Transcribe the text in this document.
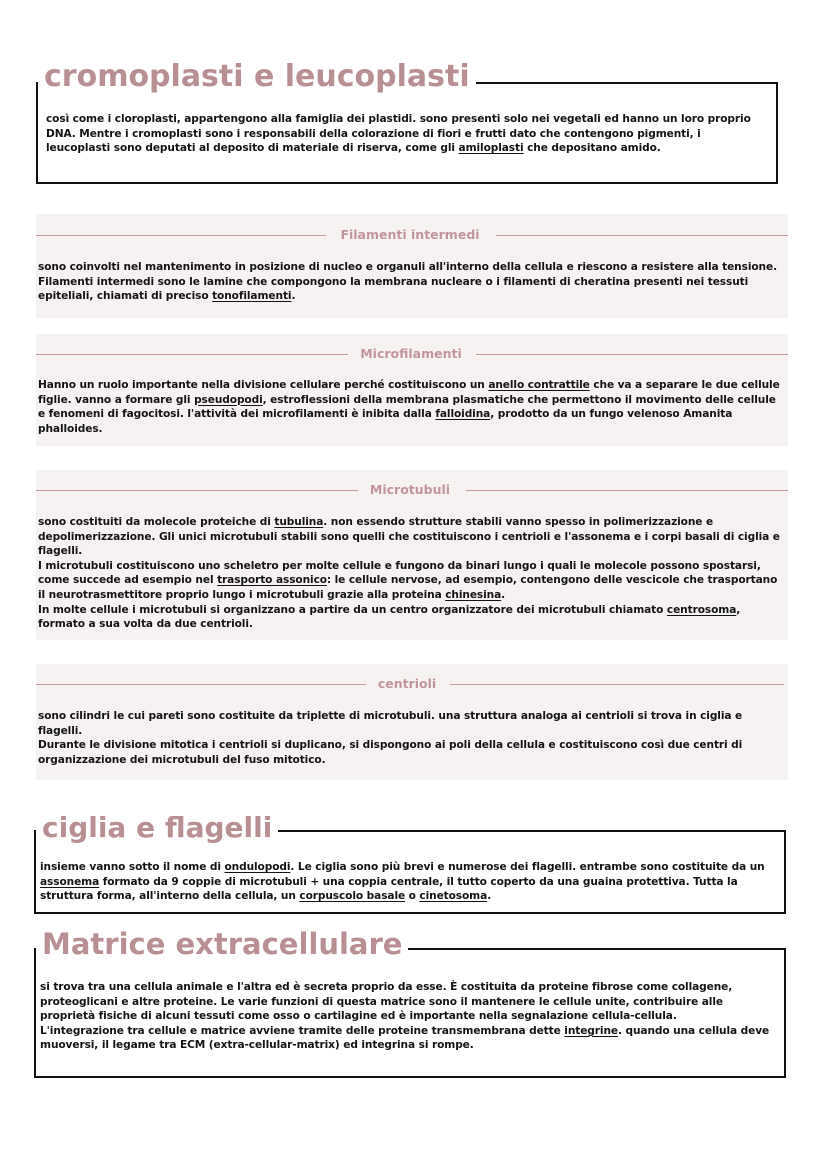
cromoplasti e leucoplasti
così come i cloroplasti, appartengono alla famiglia dei plastidi. sono presenti solo nei vegetali ed hanno un loro proprio DNA. Mentre i cromoplasti sono i responsabili della colorazione di fiori e frutti dato che contengono pigmenti, i leucoplasti sono deputati al deposito di materiale di riserva, come gli amiloplasti che depositano amido.
Filamenti intermedi
sono coinvolti nel mantenimento in posizione di nucleo e organuli all'interno della cellula e riescono a resistere alla tensione. Filamenti intermedi sono le lamine che compongono la membrana nucleare o i filamenti di cheratina presenti nei tessuti epiteliali, chiamati di preciso tonofilamenti.
Microfilamenti
Hanno un ruolo importante nella divisione cellulare perché costituiscono un anello contrattile che va a separare le due cellule figlie. vanno a formare gli pseudopodi, estroflessioni della membrana plasmatiche che permettono il movimento delle cellule e fenomeni di fagocitosi. l'attività dei microfilamenti è inibita dalla falloidina, prodotto da un fungo velenoso Amanita phalloides.
Microtubuli

sono costituiti da molecole proteiche di tubulina. non essendo strutture stabili vanno spesso in polimerizzazione e depolimerizzazione. Gli unici microtubuli stabili sono quelli che costituiscono i centrioli e l'assonema e i corpi basali di ciglia e flagelli.

I microtubuli costituiscono uno scheletro per molte cellule e fungono da binari lungo i quali le molecole possono spostarsi, come succede ad esempio nel trasporto assonico: le cellule nervose, ad esempio, contengono delle vescicole che trasportano il neurotrasmettitore proprio lungo i microtubuli grazie alla proteina chinesina.

In molte cellule i microtubuli si organizzano a partire da un centro organizzatore dei microtubuli chiamato centrosoma, formato a sua volta da due centrioli.

centrioli

sono cilindri le cui pareti sono costituite da triplette di microtubuli. una struttura analoga ai centrioli si trova in ciglia e flagelli.

Durante le divisione mitotica i centrioli si duplicano, si dispongono ai poli della cellula e costituiscono così due centri di organizzazione dei microtubuli del fuso mitotico.

ciglia e flagelli
insieme vanno sotto il nome di ondulopodi. Le ciglia sono più brevi e numerose dei flagelli. entrambe sono costituite da un assonema formato da 9 coppie di microtubuli + una coppia centrale, il tutto coperto da una guaina protettiva. Tutta la struttura forma, all'interno della cellula, un corpuscolo basale o cinetosoma.
Matrice extracellulare

si trova tra una cellula animale e l'altra ed è secreta proprio da esse. È costituita da proteine fibrose come collagene, proteoglicani e altre proteine. Le varie funzioni di questa matrice sono il mantenere le cellule unite, contribuire alle proprietà fisiche di alcuni tessuti come osso o cartilagine ed è importante nella segnalazione cellula-cellula.

L'integrazione tra cellule e matrice avviene tramite delle proteine transmembrana dette integrine. quando una cellula deve muoversi, il legame tra ECM (extra-cellular-matrix) ed integrina si rompe.
